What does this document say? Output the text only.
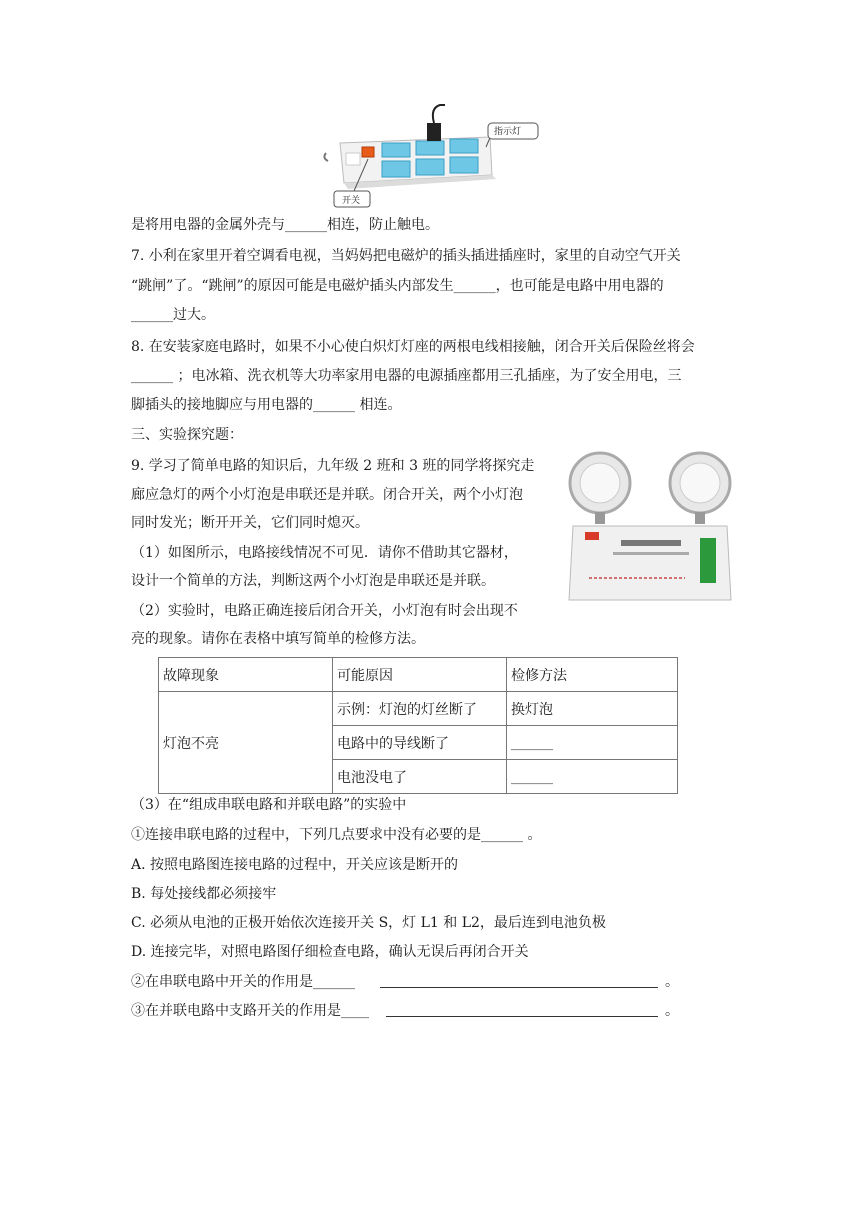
指示灯
开关
是将用电器的金属外壳与______相连，防止触电。
7. 小利在家里开着空调看电视，当妈妈把电磁炉的插头插进插座时，家里的自动空气开关
“跳闸”了。“跳闸”的原因可能是电磁炉插头内部发生______，也可能是电路中用电器的
______过大。
8. 在安装家庭电路时，如果不小心使白炽灯灯座的两根电线相接触，闭合开关后保险丝将会
______ ；电冰箱、洗衣机等大功率家用电器的电源插座都用三孔插座，为了安全用电，三
脚插头的接地脚应与用电器的______ 相连。
三、实验探究题：
9. 学习了简单电路的知识后，九年级 2 班和 3 班的同学将探究走
廊应急灯的两个小灯泡是串联还是并联。闭合开关，两个小灯泡
同时发光；断开开关，它们同时熄灭。
（1）如图所示，电路接线情况不可见．请你不借助其它器材，
设计一个简单的方法，判断这两个小灯泡是串联还是并联。
（2）实验时，电路正确连接后闭合开关，小灯泡有时会出现不
亮的现象。请你在表格中填写简单的检修方法。
故障现象	可能原因	检修方法
灯泡不亮	示例：灯泡的灯丝断了	换灯泡
	电路中的导线断了	______
	电池没电了	______
（3）在“组成串联电路和并联电路”的实验中
①连接串联电路的过程中，下列几点要求中没有必要的是______ 。
A. 按照电路图连接电路的过程中，开关应该是断开的
B. 每处接线都必须接牢
C. 必须从电池的正极开始依次连接开关 S，灯 L1 和 L2，最后连到电池负极
D. 连接完毕，对照电路图仔细检查电路，确认无误后再闭合开关
②在串联电路中开关的作用是______	。
③在并联电路中支路开关的作用是____	。
